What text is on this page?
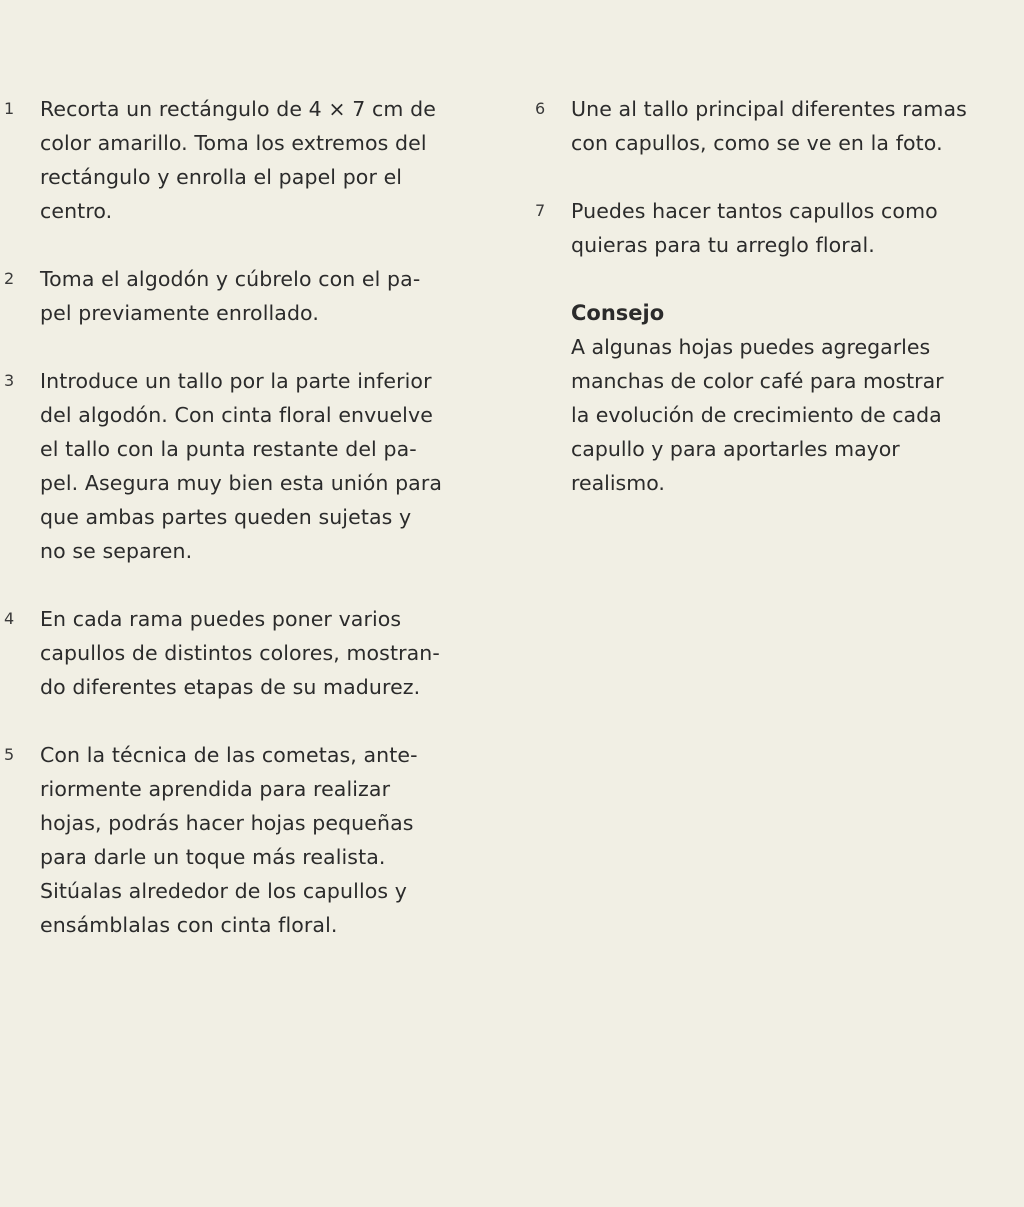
1 Recorta un rectángulo de 4 × 7 cm de
color amarillo. Toma los extremos del
rectángulo y enrolla el papel por el
centro.
2 Toma el algodón y cúbrelo con el pa-
pel previamente enrollado.
3 Introduce un tallo por la parte inferior
del algodón. Con cinta floral envuelve
el tallo con la punta restante del pa-
pel. Asegura muy bien esta unión para
que ambas partes queden sujetas y
no se separen.
4 En cada rama puedes poner varios
capullos de distintos colores, mostran-
do diferentes etapas de su madurez.
5 Con la técnica de las cometas, ante-
riormente aprendida para realizar
hojas, podrás hacer hojas pequeñas
para darle un toque más realista.
Sitúalas alrededor de los capullos y
ensámblalas con cinta floral.
6 Une al tallo principal diferentes ramas
con capullos, como se ve en la foto.
7 Puedes hacer tantos capullos como
quieras para tu arreglo floral.
Consejo
A algunas hojas puedes agregarles
manchas de color café para mostrar
la evolución de crecimiento de cada
capullo y para aportarles mayor
realismo.
